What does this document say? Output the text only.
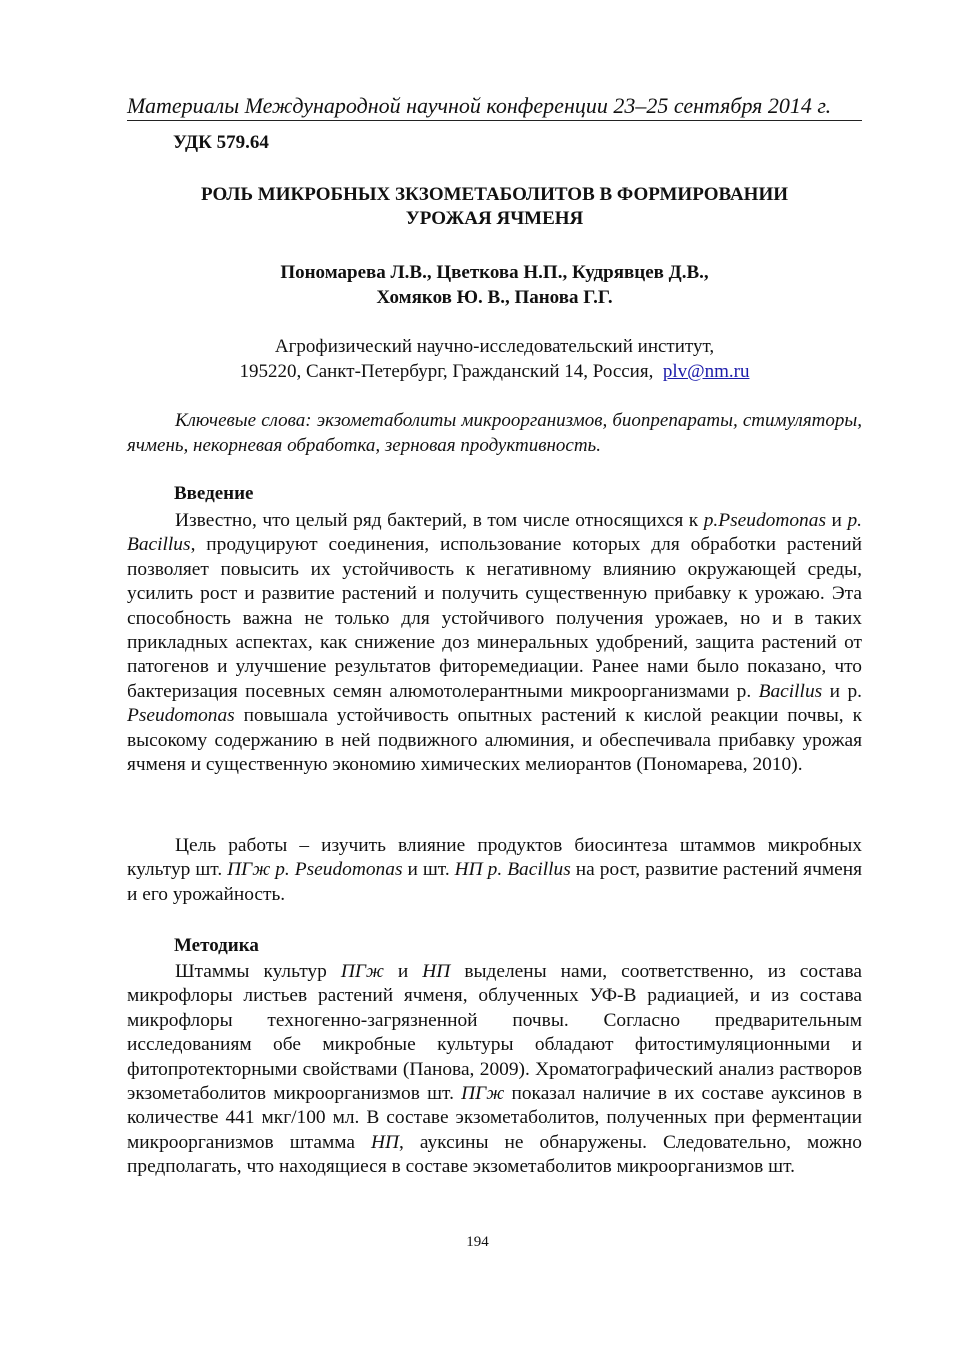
Материалы Международной научной конференции 23–25 сентября 2014 г.
УДК 579.64
РОЛЬ МИКРОБНЫХ ЗКЗОМЕТАБОЛИТОВ В ФОРМИРОВАНИИ
УРОЖАЯ ЯЧМЕНЯ
Пономарева Л.В., Цветкова Н.П., Кудрявцев Д.В.,
Хомяков Ю. В., Панова Г.Г.
Агрофизический научно-исследовательский институт,
195220, Санкт-Петербург, Гражданский 14, Россия, plv@nm.ru
Ключевые слова: экзометаболиты микроорганизмов, биопрепараты, стимуляторы, ячмень, некорневая обработка, зерновая продуктивность.
Введение

Известно, что целый ряд бактерий, в том числе относящихся к p.Pseudomonas и p. Bacillus, продуцируют соединения, использование которых для обработки растений позволяет повысить их устойчивость к негативному влиянию окружающей среды, усилить рост и развитие растений и получить существенную прибавку к урожаю. Эта способность важна не только для устойчивого получения урожаев, но и в таких прикладных аспектах, как снижение доз минеральных удобрений, защита растений от патогенов и улучшение результатов фиторемедиации. Ранее нами было показано, что бактеризация посевных семян алюмотолерантными микроорганизмами р. Bacillus и р. Pseudomonas повышала устойчивость опытных растений к кислой реакции почвы, к высокому содержанию в ней подвижного алюминия, и обеспечивала прибавку урожая ячменя и существенную экономию химических мелиорантов (Пономарева, 2010).

Цель работы – изучить влияние продуктов биосинтеза штаммов микробных культур шт. ПГж p. Pseudomonas и шт. НП p. Bacillus на рост, развитие растений ячменя и его урожайность.

Методика

Штаммы культур ПГж и НП выделены нами, соответственно, из состава микрофлоры листьев растений ячменя, облученных УФ-В радиацией, и из состава микрофлоры техногенно-загрязненной почвы. Согласно предварительным исследованиям обе микробные культуры обладают фитостимуляционными и фитопротекторными свойствами (Панова, 2009). Хроматографический анализ растворов экзометаболитов микроорганизмов шт. ПГж показал наличие в их составе ауксинов в количестве 441 мкг/100 мл. В составе экзометаболитов, полученных при ферментации микроорганизмов штамма НП, ауксины не обнаружены. Следовательно, можно предполагать, что находящиеся в составе экзометаболитов микроорганизмов шт.

194
